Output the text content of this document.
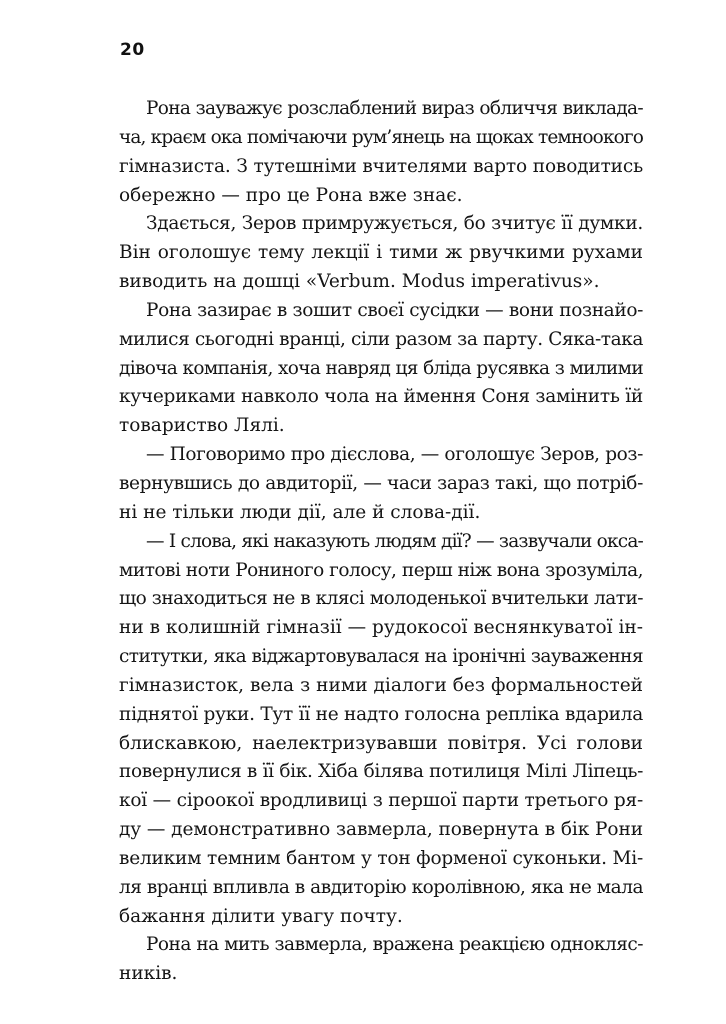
20
Рона зауважує розслаблений вираз обличчя виклада-
ча, краєм ока помічаючи рум’янець на щоках темноокого
гімназиста. З тутешніми вчителями варто поводитись
обережно — про це Рона вже знає.
Здається, Зеров примружується, бо зчитує її думки.
Він оголошує тему лекції і тими ж рвучкими рухами
виводить на дошці «Verbum. Modus imperativus».
Рона зазирає в зошит своєї сусідки — вони познайо-
милися сьогодні вранці, сіли разом за парту. Сяка-така
дівоча компанія, хоча навряд ця бліда русявка з милими
кучериками навколо чола на ймення Соня замінить їй
товариство Лялі.
— Поговоримо про дієслова, — оголошує Зеров, роз-
вернувшись до авдиторії, — часи зараз такі, що потріб-
ні не тільки люди дії, але й слова-дії.
— І слова, які наказують людям дії? — зазвучали окса-
митові ноти Рониного голосу, перш ніж вона зрозуміла,
що знаходиться не в клясі молоденької вчительки лати-
ни в колишній гімназії — рудокосої веснянкуватої ін-
ститутки, яка віджартовувалася на іронічні зауваження
гімназисток, вела з ними діалоги без формальностей
піднятої руки. Тут її не надто голосна репліка вдарила
блискавкою, наелектризувавши повітря. Усі голови
повернулися в її бік. Хіба білява потилиця Мілі Ліпець-
кої — сіроокої вродливиці з першої парти третього ря-
ду — демонстративно завмерла, повернута в бік Рони
великим темним бантом у тон форменої суконьки. Мі-
ля вранці впливла в авдиторію королівною, яка не мала
бажання ділити увагу почту.
Рона на мить завмерла, вражена реакцією однокляс-
ників.
